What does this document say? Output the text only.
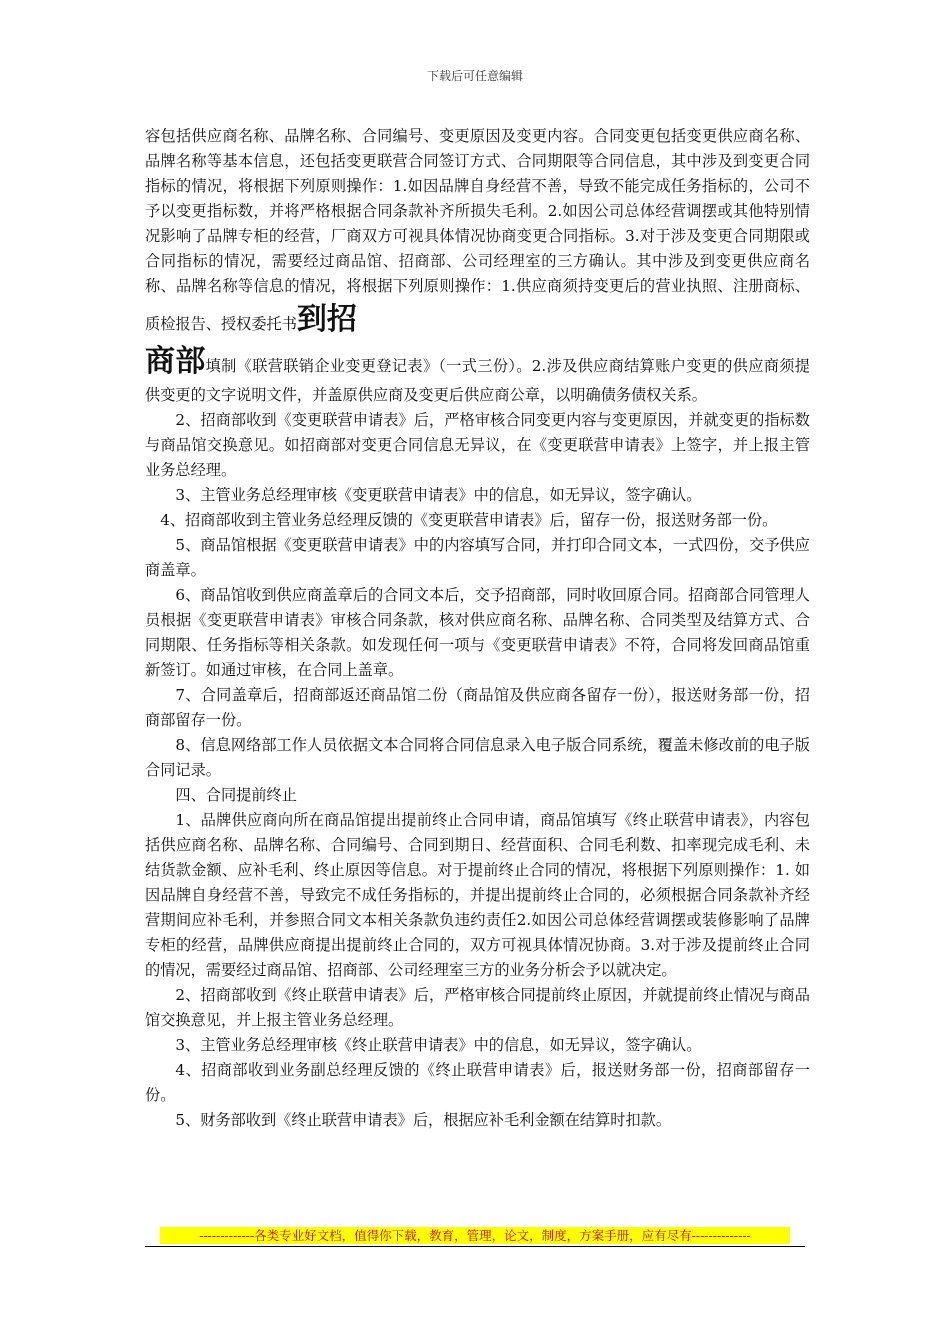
下载后可任意编辑

容包括供应商名称、品牌名称、合同编号、变更原因及变更内容。合同变更包括变更供应商名称、品牌名称等基本信息，还包括变更联营合同签订方式、合同期限等合同信息，其中涉及到变更合同指标的情况，将根据下列原则操作：1.如因品牌自身经营不善，导致不能完成任务指标的，公司不予以变更指标数，并将严格根据合同条款补齐所损失毛利。2.如因公司总体经营调摆或其他特别情况影响了品牌专柜的经营，厂商双方可视具体情况协商变更合同指标。3.对于涉及变更合同期限或合同指标的情况，需要经过商品馆、招商部、公司经理室的三方确认。其中涉及到变更供应商名称、品牌名称等信息的情况，将根据下列原则操作：1.供应商须持变更后的营业执照、注册商标、质检报告、授权委托书到招
商部填制《联营联销企业变更登记表》（一式三份）。2.涉及供应商结算账户变更的供应商须提供变更的文字说明文件，并盖原供应商及变更后供应商公章，以明确债务债权关系。

2、招商部收到《变更联营申请表》后，严格审核合同变更内容与变更原因，并就变更的指标数与商品馆交换意见。如招商部对变更合同信息无异议，在《变更联营申请表》上签字，并上报主管业务总经理。

3、主管业务总经理审核《变更联营申请表》中的信息，如无异议，签字确认。

4、招商部收到主管业务总经理反馈的《变更联营申请表》后，留存一份，报送财务部一份。

5、商品馆根据《变更联营申请表》中的内容填写合同，并打印合同文本，一式四份，交予供应商盖章。

6、商品馆收到供应商盖章后的合同文本后，交予招商部，同时收回原合同。招商部合同管理人员根据《变更联营申请表》审核合同条款，核对供应商名称、品牌名称、合同类型及结算方式、合同期限、任务指标等相关条款。如发现任何一项与《变更联营申请表》不符，合同将发回商品馆重新签订。如通过审核，在合同上盖章。

7、合同盖章后，招商部返还商品馆二份（商品馆及供应商各留存一份），报送财务部一份，招商部留存一份。

8、信息网络部工作人员依据文本合同将合同信息录入电子版合同系统，覆盖未修改前的电子版合同记录。

四、合同提前终止

1、品牌供应商向所在商品馆提出提前终止合同申请，商品馆填写《终止联营申请表》，内容包括供应商名称、品牌名称、合同编号、合同到期日、经营面积、合同毛利数、扣率现完成毛利、未结货款金额、应补毛利、终止原因等信息。对于提前终止合同的情况，将根据下列原则操作：1. 如因品牌自身经营不善，导致完不成任务指标的，并提出提前终止合同的，必须根据合同条款补齐经营期间应补毛利，并参照合同文本相关条款负违约责任2.如因公司总体经营调摆或装修影响了品牌专柜的经营，品牌供应商提出提前终止合同的，双方可视具体情况协商。3.对于涉及提前终止合同的情况，需要经过商品馆、招商部、公司经理室三方的业务分析会予以就决定。

2、招商部收到《终止联营申请表》后，严格审核合同提前终止原因，并就提前终止情况与商品馆交换意见，并上报主管业务总经理。

3、主管业务总经理审核《终止联营申请表》中的信息，如无异议，签字确认。

4、招商部收到业务副总经理反馈的《终止联营申请表》后，报送财务部一份，招商部留存一份。

5、财务部收到《终止联营申请表》后，根据应补毛利金额在结算时扣款。

-------------各类专业好文档，值得你下载，教育，管理，论文，制度，方案手册，应有尽有--------------
